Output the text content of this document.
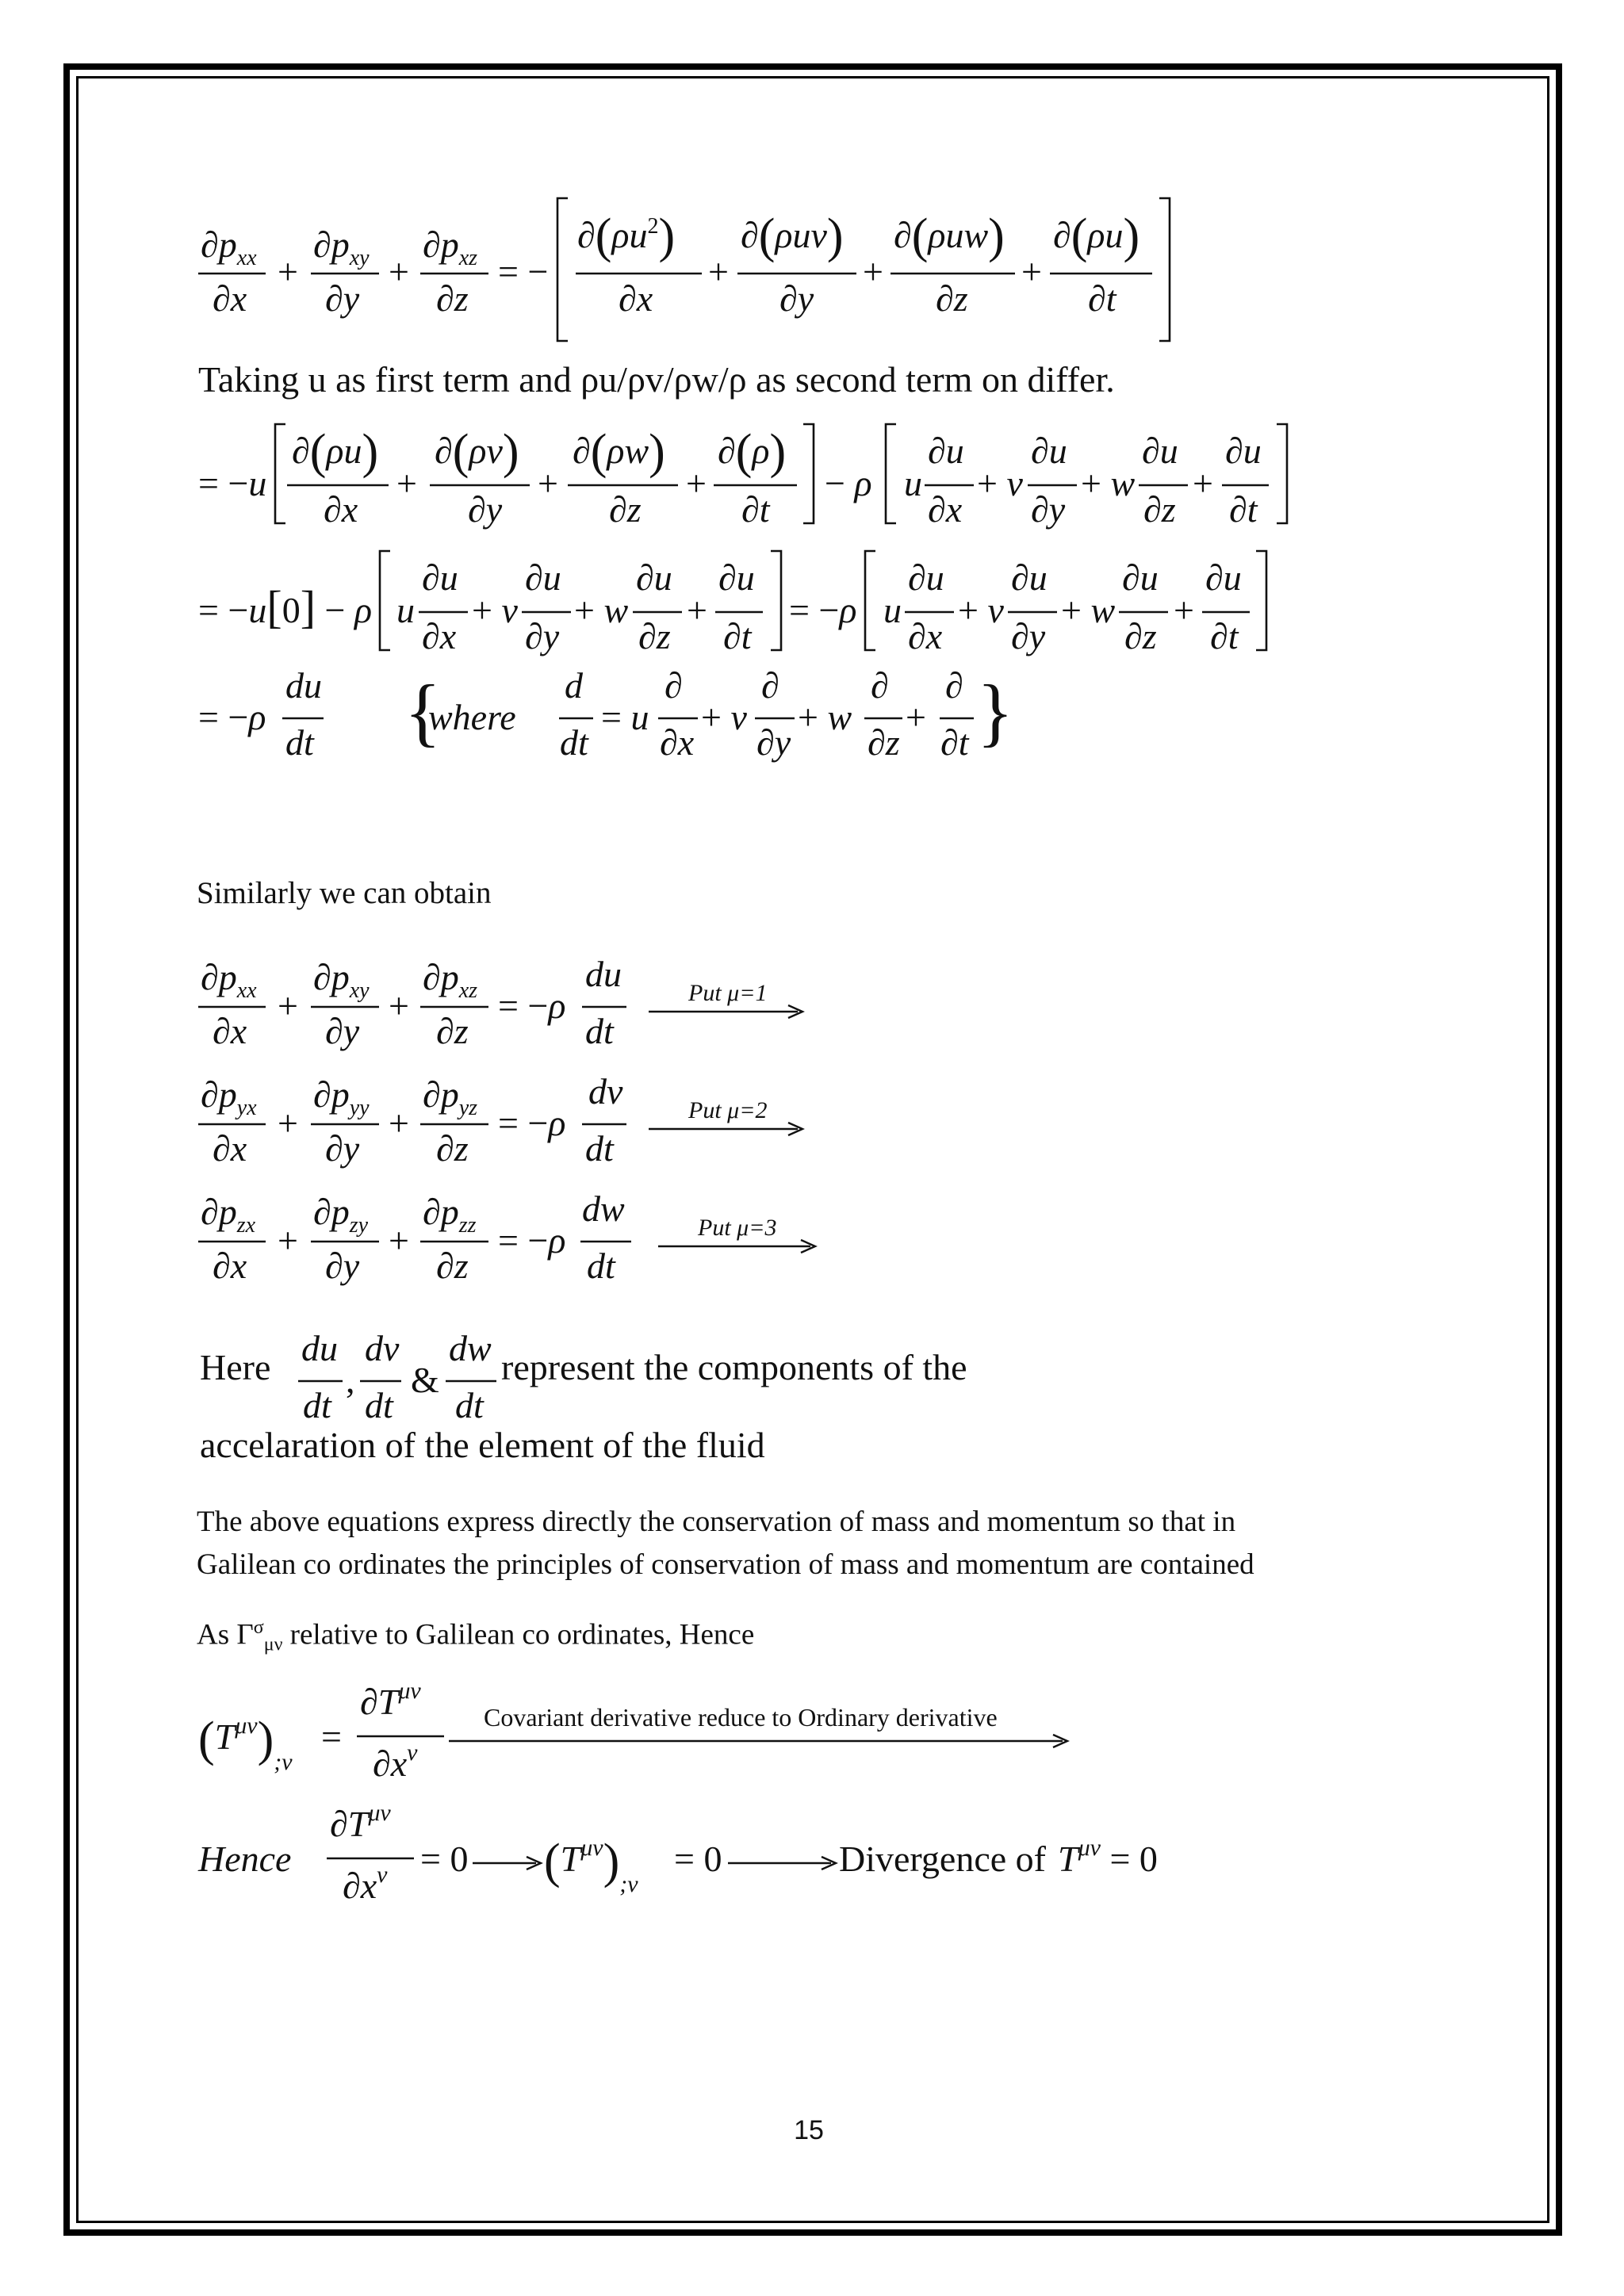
$\partial p_{xx}$
∂x
+
$\partial p_{xy}$
∂y
+
$\partial p_{xz}$
∂z
= −
$\partial(\rho u^2)$
∂x
+
∂(ρuv)
∂y
+
∂(ρuw)
∂z
+
∂(ρu)
∂t
= −u
∂(ρu)
∂x
+
∂(ρv)
∂y
+
∂(ρw)
∂z
+
∂(ρ)
∂t
− ρ u
∂u
∂x
+ v
∂u
∂y
+ w
∂u
∂z
+
∂u
∂t
= −u[0] − ρ u
∂u
∂x
+ v
∂u
∂y
+ w
∂u
∂z
+
∂u
∂t
= −ρ u
∂u
∂x
+ v
∂u
∂y
+ w
∂u
∂z
+
∂u
∂t
= −ρ
du
dt {
where
d
dt
= u
∂
∂x
+ v
∂
∂y
+ w
∂
∂z
+
∂
∂t }
$\partial p_{xx}$
∂x
+
$\partial p_{xy}$
∂y
+
$\partial p_{xz}$
∂z
= −ρ
du
dt
Put μ=1
$\partial p_{yx}$
∂x
+
$\partial p_{yy}$
∂y
+
$\partial p_{yz}$
∂z
= −ρ
dv
dt
Put μ=2
$\partial p_{zx}$
∂x
+
$\partial p_{zy}$
∂y
+
$\partial p_{zz}$
∂z
= −ρ
dw
dt
Put μ=3
du
dt
,
dv
dt
&
dw
dt
$(T^{\mu\nu})_{;\nu}$
=
$\partial T^{\mu\nu}$
$\partial x^\nu$
Covariant derivative reduce to Ordinary derivative
Hence
$\partial T^{\mu\nu}$
$\partial x^\nu = 0$ $(T^{\mu\nu})_{;\nu}$
= 0	Divergence of $T^{\mu\nu} = 0$

Taking u as first term and ρu/ρv/ρw/ρ as second term on differ.

Similarly we can obtain

Here	represent the components of the

accelaration of the element of the fluid

The above equations express directly the conservation of mass and momentum so that in

Galilean co ordinates the principles of conservation of mass and momentum are contained

As $\Gamma^\sigma_{\mu\nu}$ relative to Galilean co ordinates, Hence

15
